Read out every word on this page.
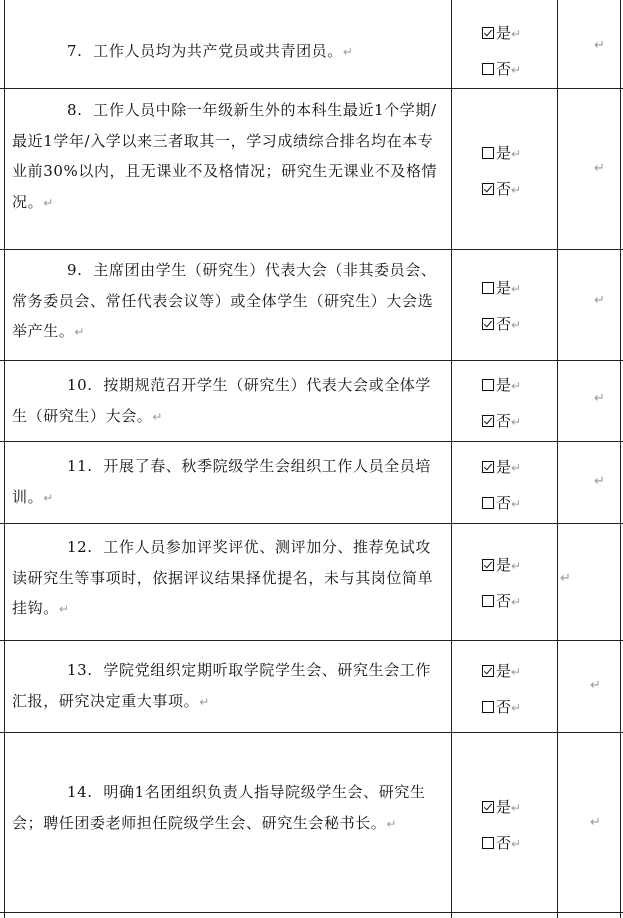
7. 工作人员均为共产党员或共青团员。↵
是↵
否↵
↵
8. 工作人员中除一年级新生外的本科生最近1个学期/最近1学年/入学以来三者取其一，学习成绩综合排名均在本专业前30%以内，且无课业不及格情况；研究生无课业不及格情况。↵
是↵
否↵
↵
9. 主席团由学生（研究生）代表大会（非其委员会、常务委员会、常任代表会议等）或全体学生（研究生）大会选举产生。↵
是↵
否↵
↵
10. 按期规范召开学生（研究生）代表大会或全体学生（研究生）大会。↵
是↵
否↵
↵
11. 开展了春、秋季院级学生会组织工作人员全员培训。↵
是↵
否↵
↵
12. 工作人员参加评奖评优、测评加分、推荐免试攻读研究生等事项时，依据评议结果择优提名，未与其岗位简单挂钩。↵
是↵
否↵
↵
13. 学院党组织定期听取学院学生会、研究生会工作汇报，研究决定重大事项。↵
是↵
否↵
↵
14. 明确1名团组织负责人指导院级学生会、研究生会；聘任团委老师担任院级学生会、研究生会秘书长。↵
是↵
否↵
↵
